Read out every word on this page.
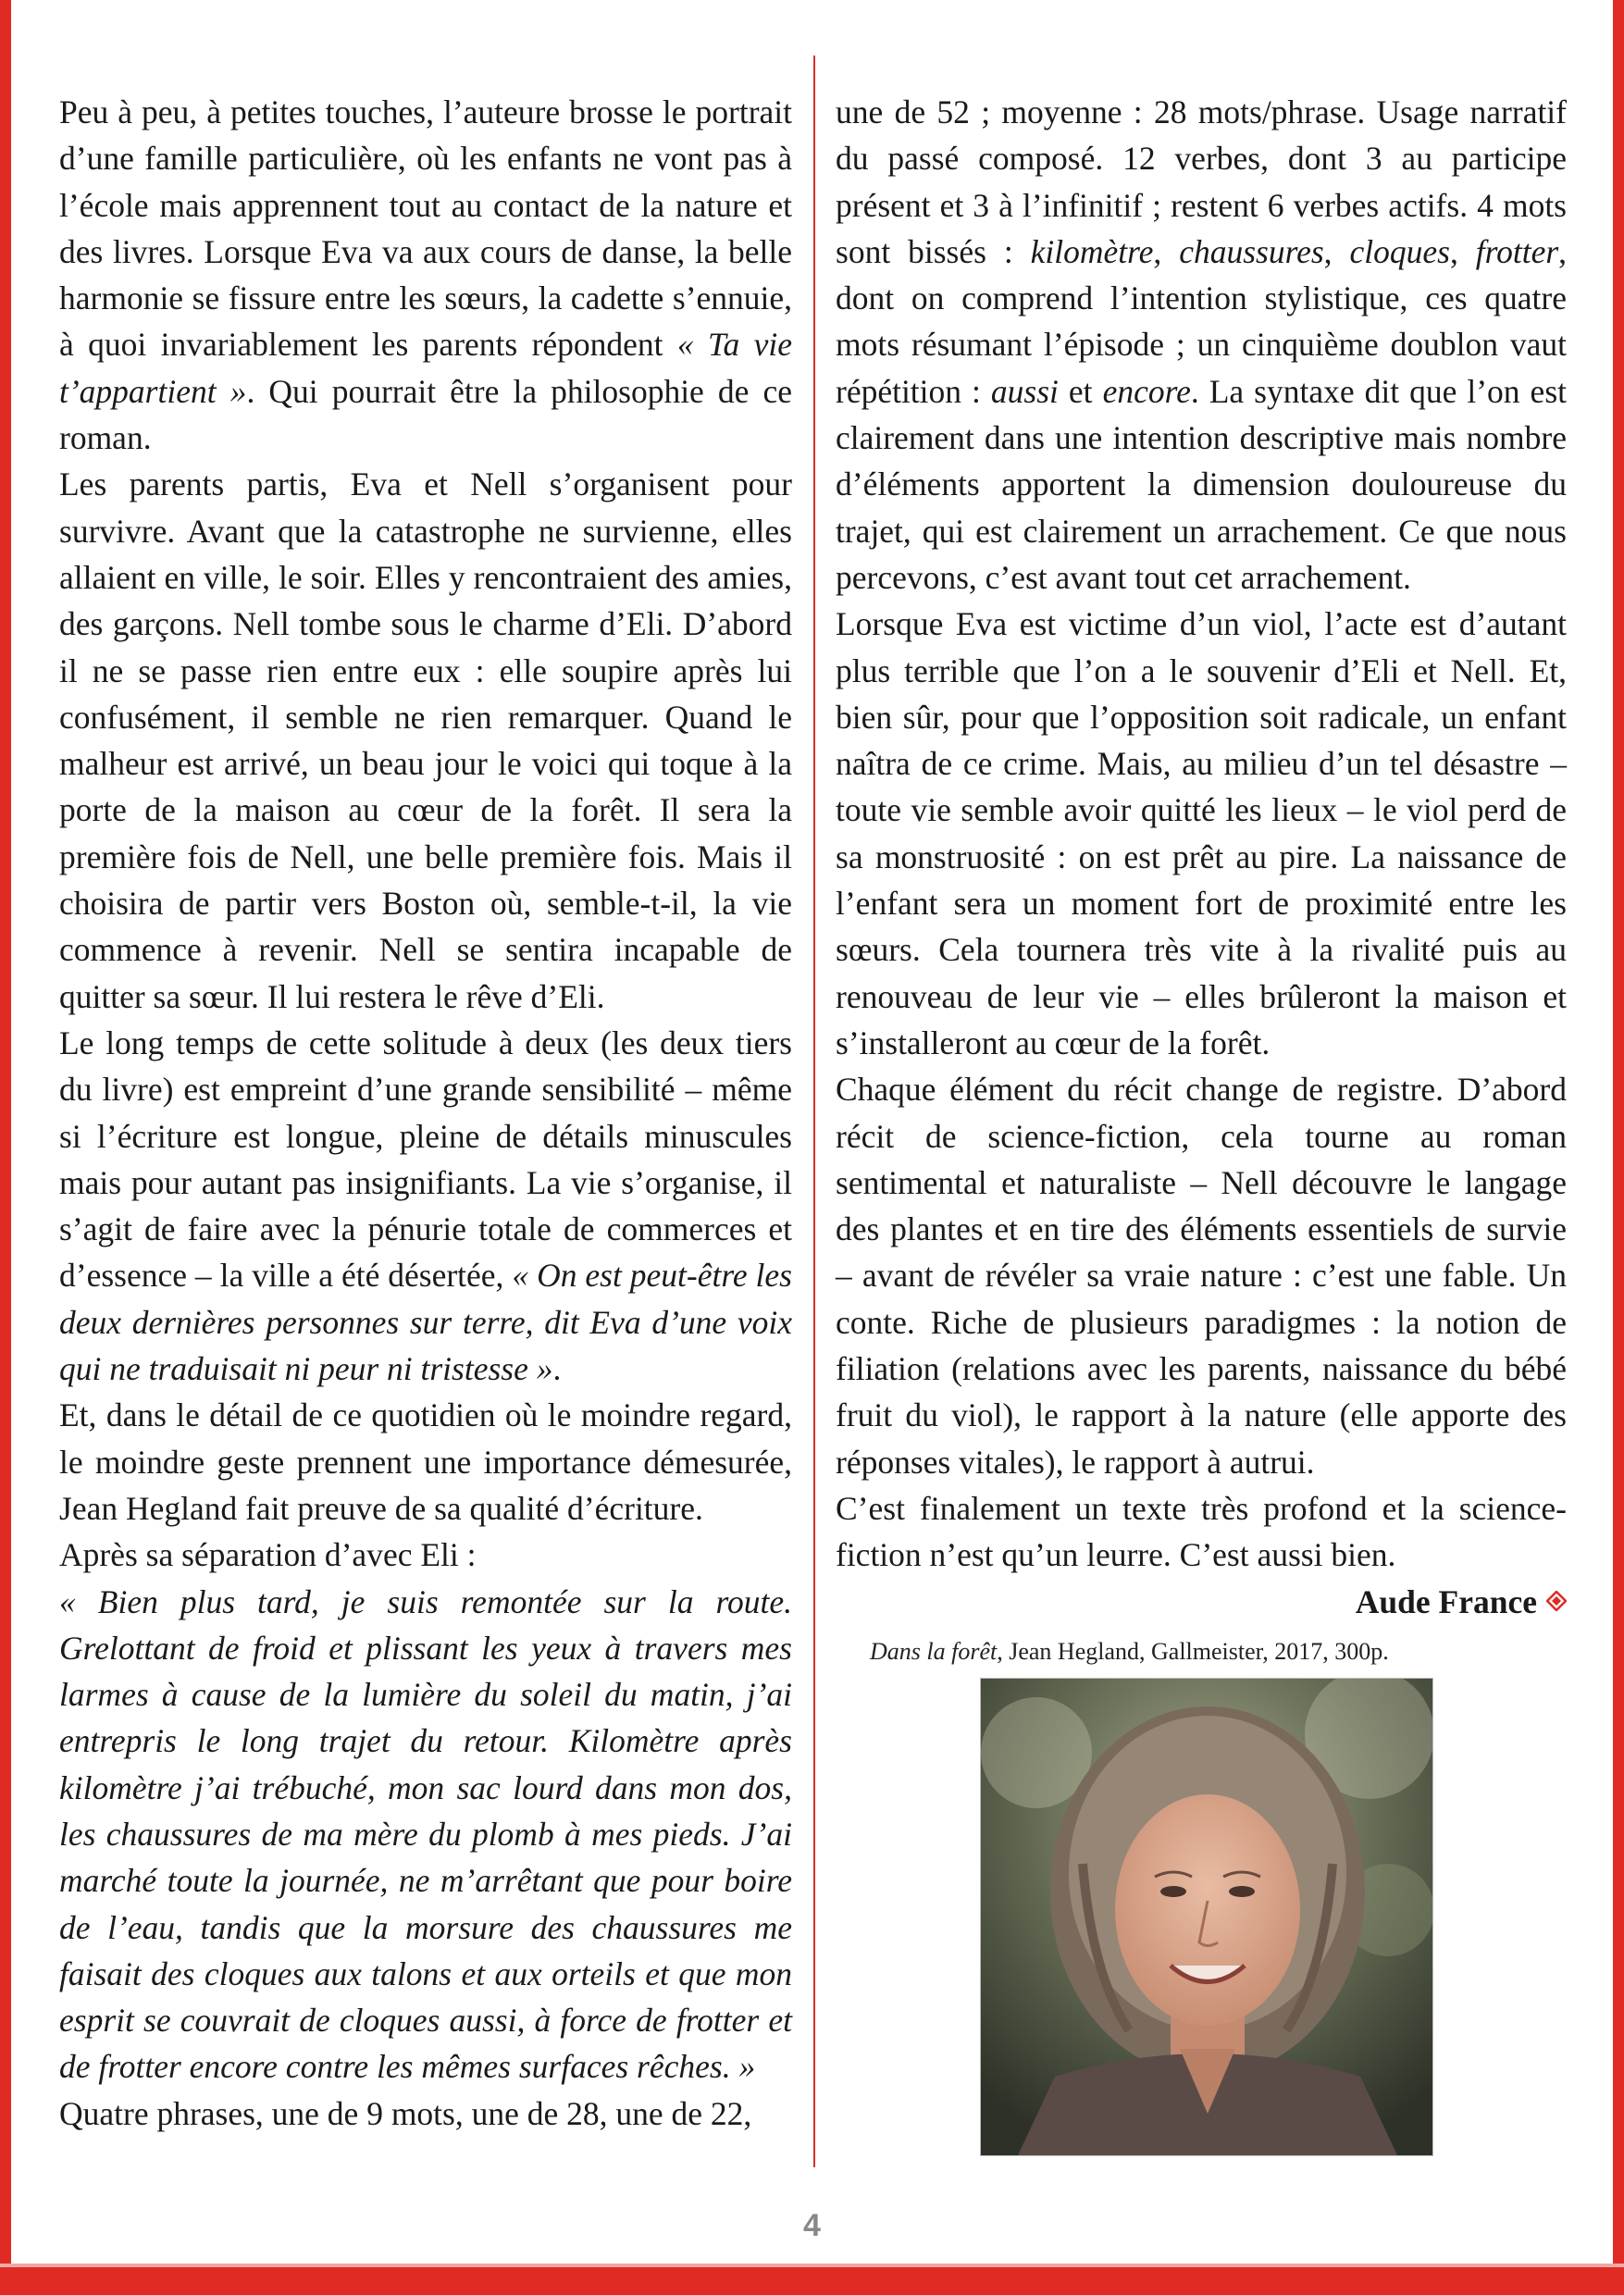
Peu à peu, à petites touches, l’auteure brosse le portrait d’une famille particulière, où les enfants ne vont pas à l’école mais apprennent tout au contact de la nature et des livres. Lorsque Eva va aux cours de danse, la belle harmonie se fissure entre les sœurs, la cadette s’ennuie, à quoi invariablement les parents répondent « Ta vie t’appartient ». Qui pourrait être la philosophie de ce roman.

Les parents partis, Eva et Nell s’organisent pour survivre. Avant que la catastrophe ne survienne, elles allaient en ville, le soir. Elles y rencontraient des amies, des garçons. Nell tombe sous le charme d’Eli. D’abord il ne se passe rien entre eux : elle soupire après lui confusément, il semble ne rien remarquer. Quand le malheur est arrivé, un beau jour le voici qui toque à la porte de la maison au cœur de la forêt. Il sera la première fois de Nell, une belle première fois. Mais il choisira de partir vers Boston où, semble-t-il, la vie commence à revenir. Nell se sentira incapable de quitter sa sœur. Il lui restera le rêve d’Eli.

Le long temps de cette solitude à deux (les deux tiers du livre) est empreint d’une grande sensibilité – même si l’écriture est longue, pleine de détails minuscules mais pour autant pas insignifiants. La vie s’organise, il s’agit de faire avec la pénurie totale de commerces et d’essence – la ville a été désertée, « On est peut-être les deux dernières personnes sur terre, dit Eva d’une voix qui ne traduisait ni peur ni tristesse ».

Et, dans le détail de ce quotidien où le moindre regard, le moindre geste prennent une importance démesurée, Jean Hegland fait preuve de sa qualité d’écriture.

Après sa séparation d’avec Eli :

« Bien plus tard, je suis remontée sur la route. Grelottant de froid et plissant les yeux à travers mes larmes à cause de la lumière du soleil du matin, j’ai entrepris le long trajet du retour. Kilomètre après kilomètre j’ai trébuché, mon sac lourd dans mon dos, les chaussures de ma mère du plomb à mes pieds. J’ai marché toute la journée, ne m’arrêtant que pour boire de l’eau, tandis que la morsure des chaussures me faisait des cloques aux talons et aux orteils et que mon esprit se couvrait de cloques aussi, à force de frotter et de frotter encore contre les mêmes surfaces rêches. »

Quatre phrases, une de 9 mots, une de 28, une de 22,

une de 52 ; moyenne : 28 mots/phrase. Usage narratif du passé composé. 12 verbes, dont 3 au participe présent et 3 à l’infinitif ; restent 6 verbes actifs. 4 mots sont bissés : kilomètre, chaussures, cloques, frotter, dont on comprend l’intention stylistique, ces quatre mots résumant l’épisode ; un cinquième doublon vaut répétition : aussi et encore. La syntaxe dit que l’on est clairement dans une intention descriptive mais nombre d’éléments apportent la dimension douloureuse du trajet, qui est clairement un arrachement. Ce que nous percevons, c’est avant tout cet arrachement.

Lorsque Eva est victime d’un viol, l’acte est d’autant plus terrible que l’on a le souvenir d’Eli et Nell. Et, bien sûr, pour que l’opposition soit radicale, un enfant naîtra de ce crime. Mais, au milieu d’un tel désastre – toute vie semble avoir quitté les lieux – le viol perd de sa monstruosité : on est prêt au pire. La naissance de l’enfant sera un moment fort de proximité entre les sœurs. Cela tournera très vite à la rivalité puis au renouveau de leur vie – elles brûleront la maison et s’installeront au cœur de la forêt.

Chaque élément du récit change de registre. D’abord récit de science-fiction, cela tourne au roman sentimental et naturaliste – Nell découvre le langage des plantes et en tire des éléments essentiels de survie – avant de révéler sa vraie nature : c’est une fable. Un conte. Riche de plusieurs paradigmes : la notion de filiation (relations avec les parents, naissance du bébé fruit du viol), le rapport à la nature (elle apporte des réponses vitales), le rapport à autrui.

C’est finalement un texte très profond et la science-fiction n’est qu’un leurre. C’est aussi bien.

Aude France

Dans la forêt, Jean Hegland, Gallmeister, 2017, 300p.
4
